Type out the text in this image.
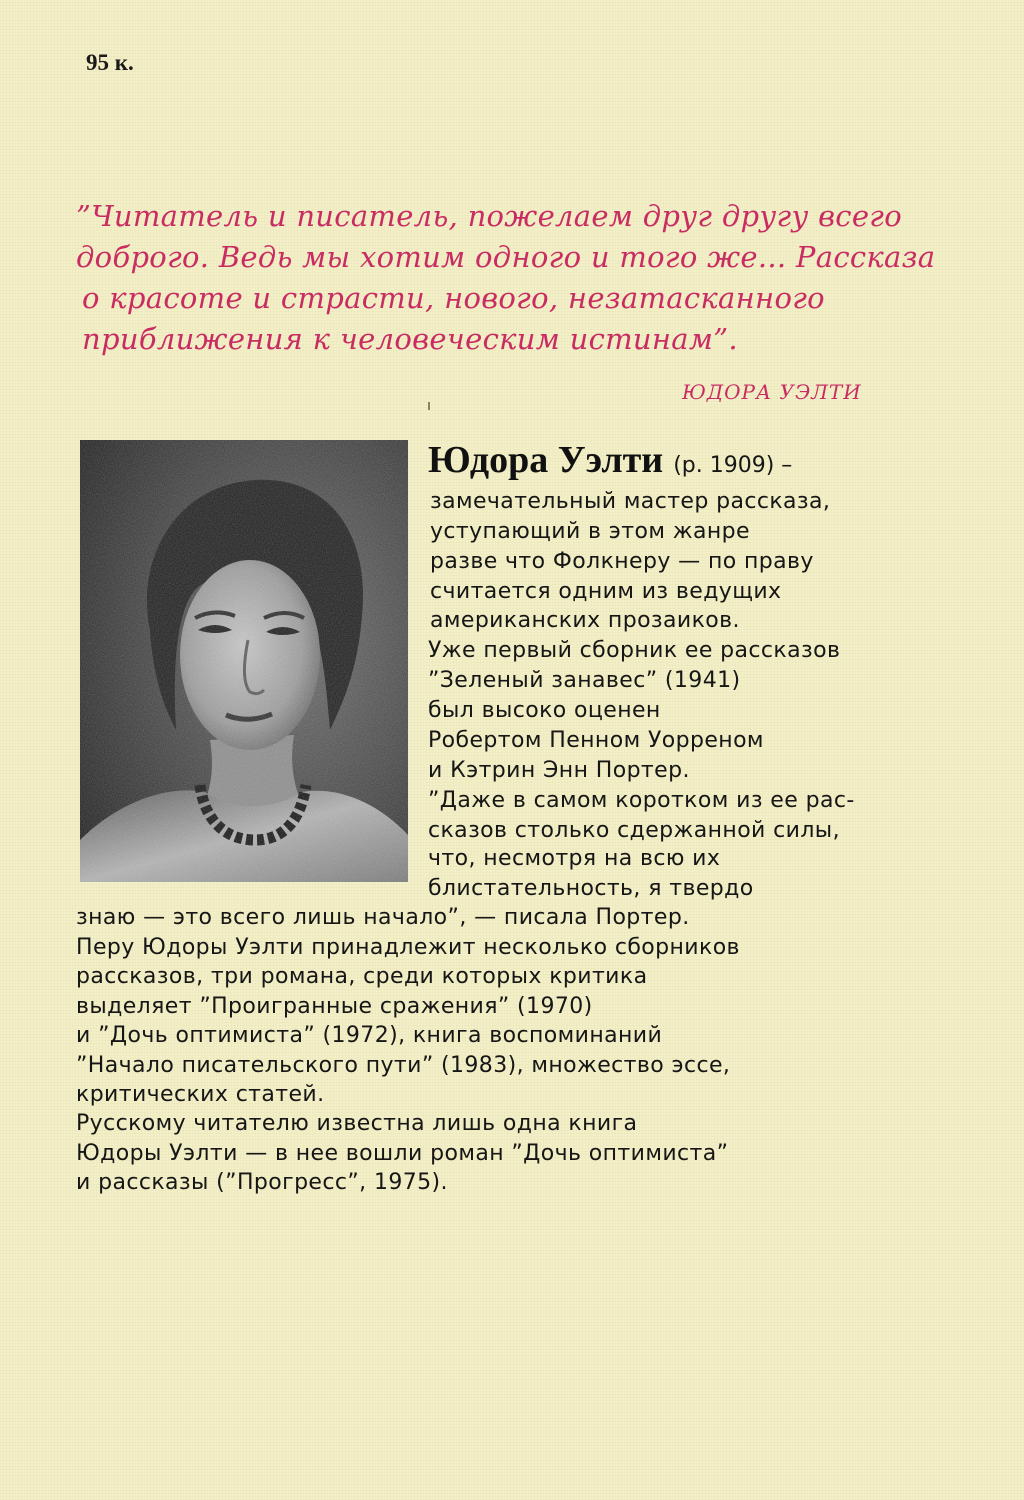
95 к.
”Читатель и писатель, пожелаем друг другу всего
доброго. Ведь мы хотим одного и того же... Рассказа
о красоте и страсти, нового, незатасканного
приближения к человеческим истинам”.
ЮДОРА УЭЛТИ
Юдора Уэлти (р. 1909) –
замечательный мастер рассказа,
уступающий в этом жанре
разве что Фолкнеру — по праву
считается одним из ведущих
американских прозаиков.
Уже первый сборник ее рассказов
”Зеленый занавес” (1941)
был высоко оценен
Робертом Пенном Уорреном
и Кэтрин Энн Портер.
”Даже в самом коротком из ее рас-
сказов столько сдержанной силы,
что, несмотря на всю их
блистательность, я твердо
знаю — это всего лишь начало”, — писала Портер.
Перу Юдоры Уэлти принадлежит несколько сборников
рассказов, три романа, среди которых критика
выделяет ”Проигранные сражения” (1970)
и ”Дочь оптимиста” (1972), книга воспоминаний
”Начало писательского пути” (1983), множество эссе,
критических статей.
Русскому читателю известна лишь одна книга
Юдоры Уэлти — в нее вошли роман ”Дочь оптимиста”
и рассказы (”Прогресс”, 1975).
